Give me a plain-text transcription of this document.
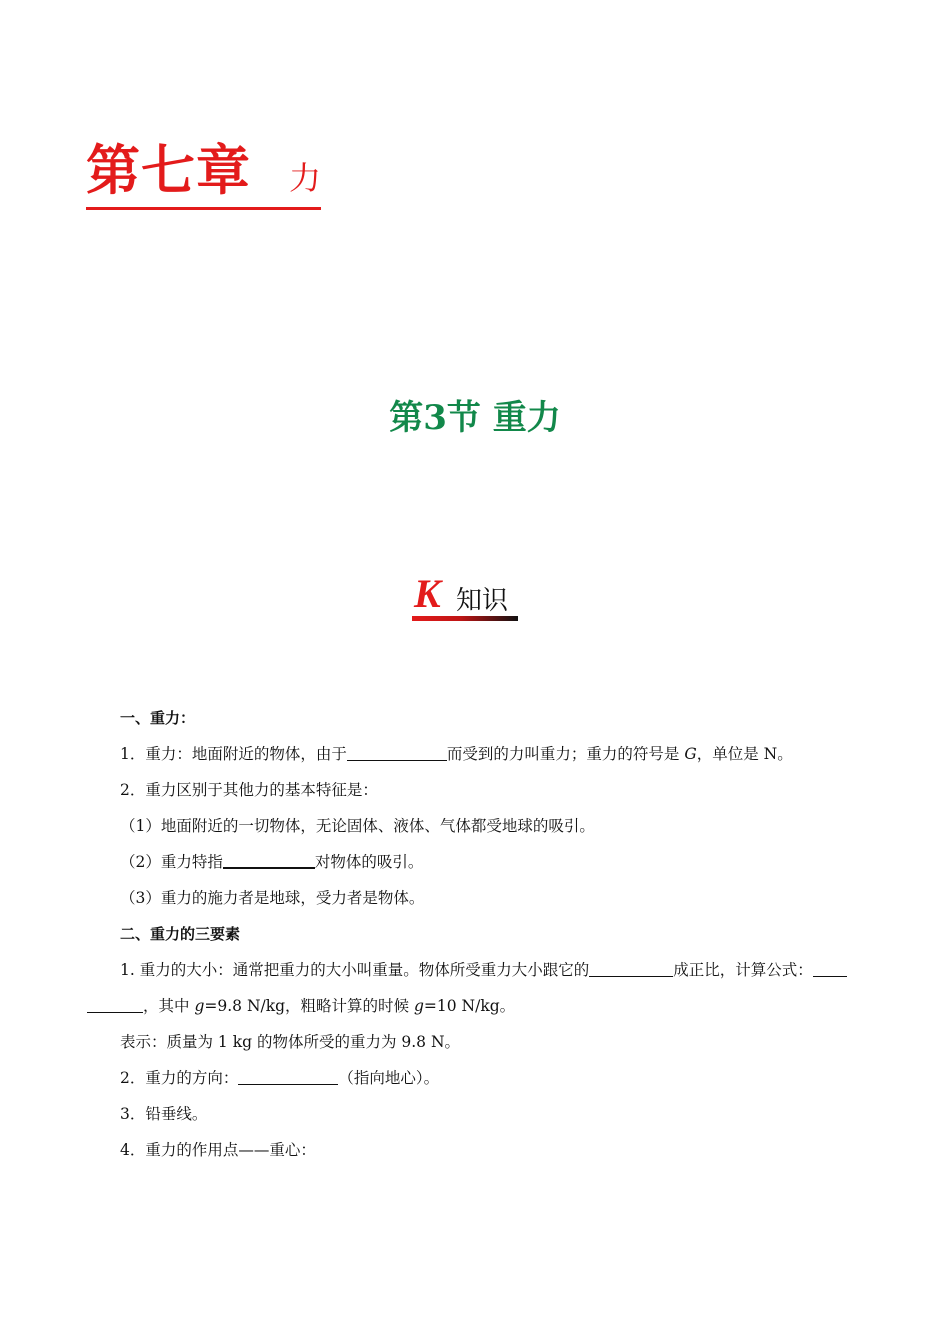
第七章 力
第3节 重力
K 知识
一、重力：
1．重力：地面附近的物体，由于	而受到的力叫重力；重力的符号是 G，单位是 N。
2．重力区别于其他力的基本特征是：
（1）地面附近的一切物体，无论固体、液体、气体都受地球的吸引。
（2）重力特指	对物体的吸引。
（3）重力的施力者是地球，受力者是物体。
二、重力的三要素
1. 重力的大小：通常把重力的大小叫重量。物体所受重力大小跟它的	成正比，计算公式：
，其中 g=9.8 N/kg，粗略计算的时候 g=10 N/kg。
表示：质量为 1 kg 的物体所受的重力为 9.8 N。
2．重力的方向：	（指向地心）。
3．铅垂线。
4．重力的作用点——重心：
